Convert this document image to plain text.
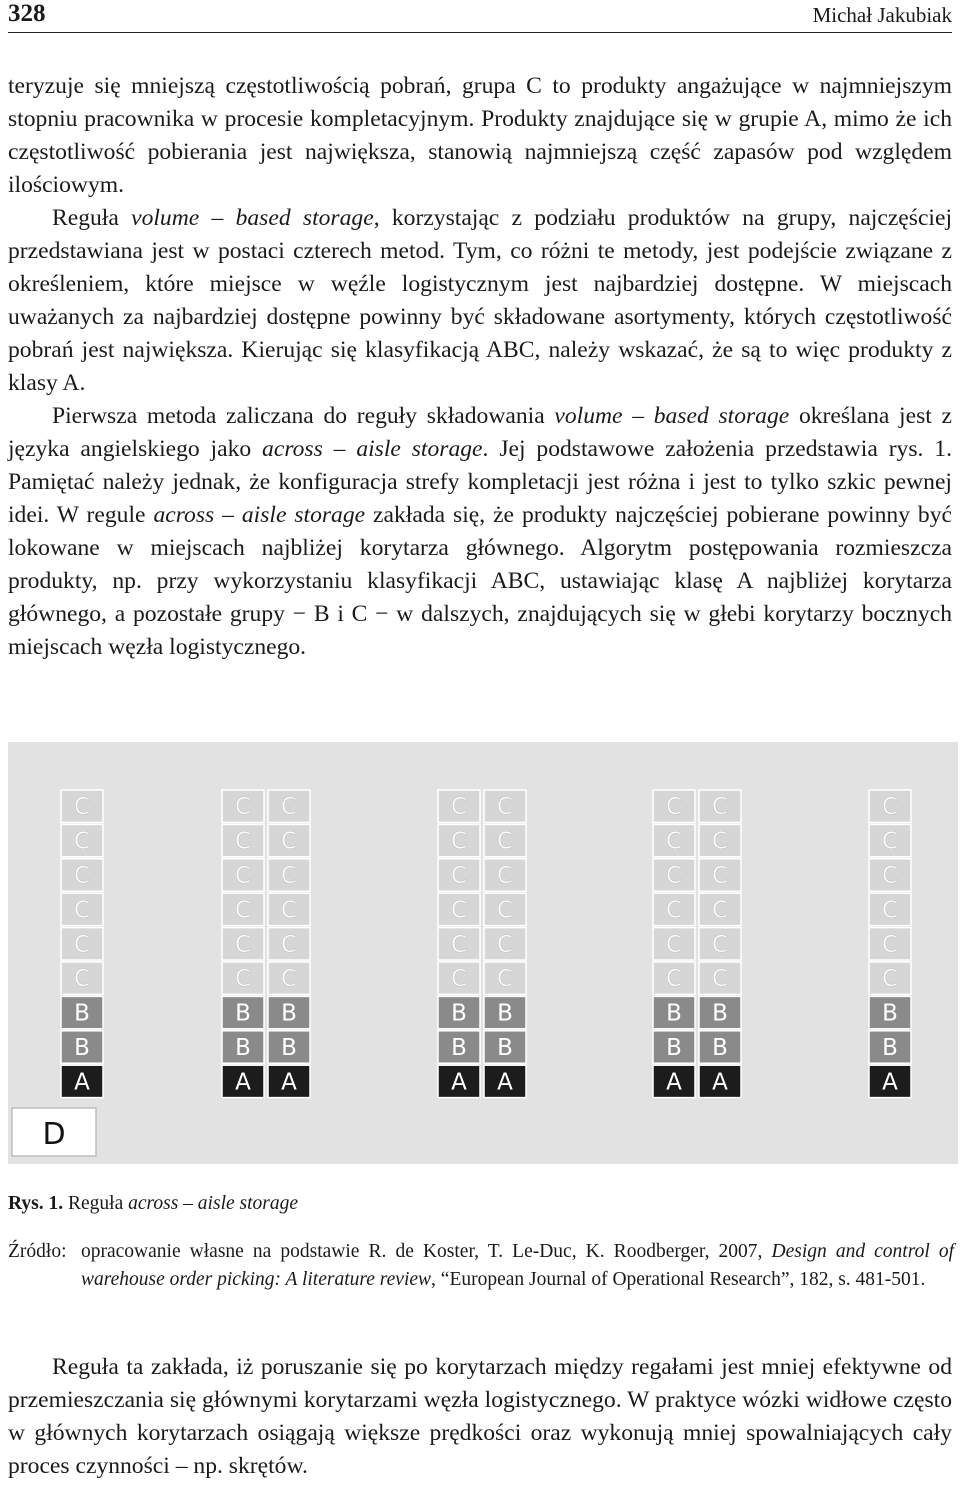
328	Michał Jakubiak

teryzuje się mniejszą częstotliwością pobrań, grupa C to produkty angażujące w najmniejszym stopniu pracownika w procesie kompletacyjnym. Produkty znajdujące się w grupie A, mimo że ich częstotliwość pobierania jest największa, stanowią najmniejszą część zapasów pod względem ilościowym.

Reguła volume – based storage, korzystając z podziału produktów na grupy, najczęściej przedstawiana jest w postaci czterech metod. Tym, co różni te metody, jest podejście związane z określeniem, które miejsce w węźle logistycznym jest najbardziej dostępne. W miejscach uważanych za najbardziej dostępne powinny być składowane asortymenty, których częstotliwość pobrań jest największa. Kierując się klasyfikacją ABC, należy wskazać, że są to więc produkty z klasy A.

Pierwsza metoda zaliczana do reguły składowania volume – based storage określana jest z języka angielskiego jako across – aisle storage. Jej podstawowe założenia przedstawia rys. 1. Pamiętać należy jednak, że konfiguracja strefy kompletacji jest różna i jest to tylko szkic pewnej idei. W regule across – aisle storage zakłada się, że produkty najczęściej pobierane powinny być lokowane w miejscach najbliżej korytarza głównego. Algorytm postępowania rozmieszcza produkty, np. przy wykorzystaniu klasyfikacji ABC, ustawiając klasę A najbliżej korytarza głównego, a pozostałe grupy − B i C − w dalszych, znajdujących się w głebi korytarzy bocznych miejscach węzła logistycznego.

C
C
C
C
C
C
B
B
A
C
C
C
C
C
C
B
B
A
C
C
C
C
C
C
B
B
A
C
C
C
C
C
C
B
B
A
C
C
C
C
C
C
B
B
A
C
C
C
C
C
C
B
B
A
C
C
C
C
C
C
B
B
A
C
C
C
C
C
C
B
B
A
D
Rys. 1. Reguła across – aisle storage
Źródło: opracowanie własne na podstawie R. de Koster, T. Le-Duc, K. Roodberger, 2007, Design and control of warehouse order picking: A literature review, “European Journal of Operational Research”, 182, s. 481-501.

Reguła ta zakłada, iż poruszanie się po korytarzach między regałami jest mniej efektywne od przemieszczania się głównymi korytarzami węzła logistycznego. W praktyce wózki widłowe często w głównych korytarzach osiągają większe prędkości oraz wykonują mniej spowalniających cały proces czynności – np. skrętów.
